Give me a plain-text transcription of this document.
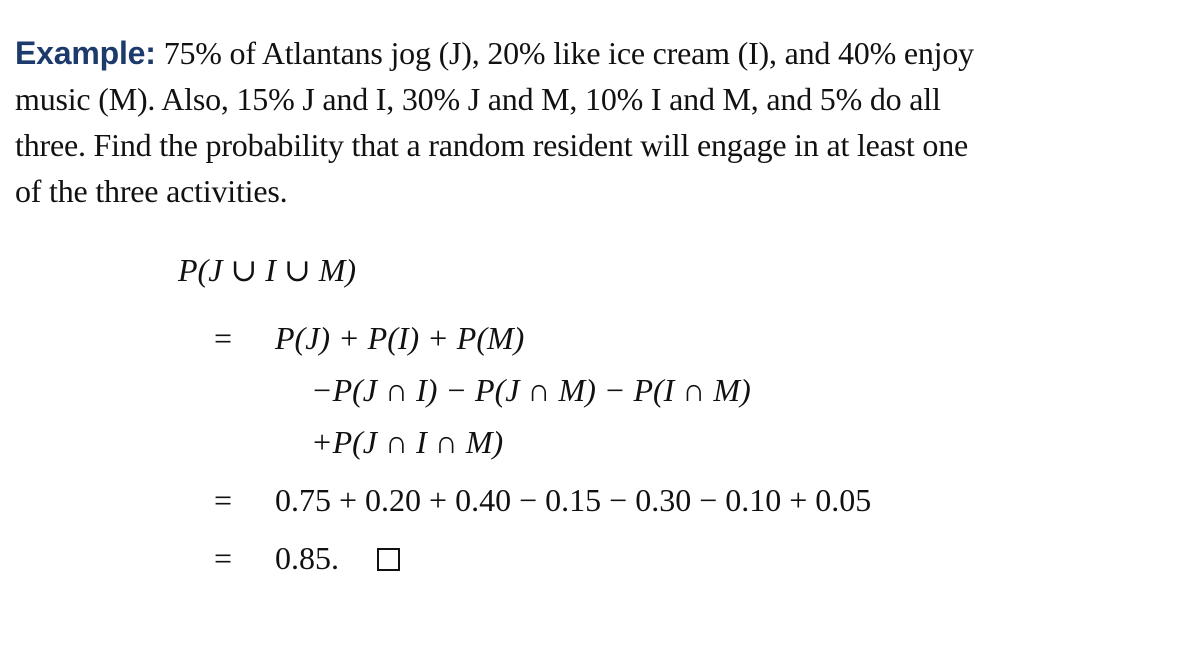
Example: 75% of Atlantans jog (J), 20% like ice cream (I), and 40% enjoy
music (M). Also, 15% J and I, 30% J and M, 10% I and M, and 5% do all
three. Find the probability that a random resident will engage in at least one
of the three activities.
P(J ∪ I ∪ M)
= P(J) + P(I) + P(M)
−P(J ∩ I) − P(J ∩ M) − P(I ∩ M)
+P(J ∩ I ∩ M)
= 0.75 + 0.20 + 0.40 − 0.15 − 0.30 − 0.10 + 0.05
= 0.85.
